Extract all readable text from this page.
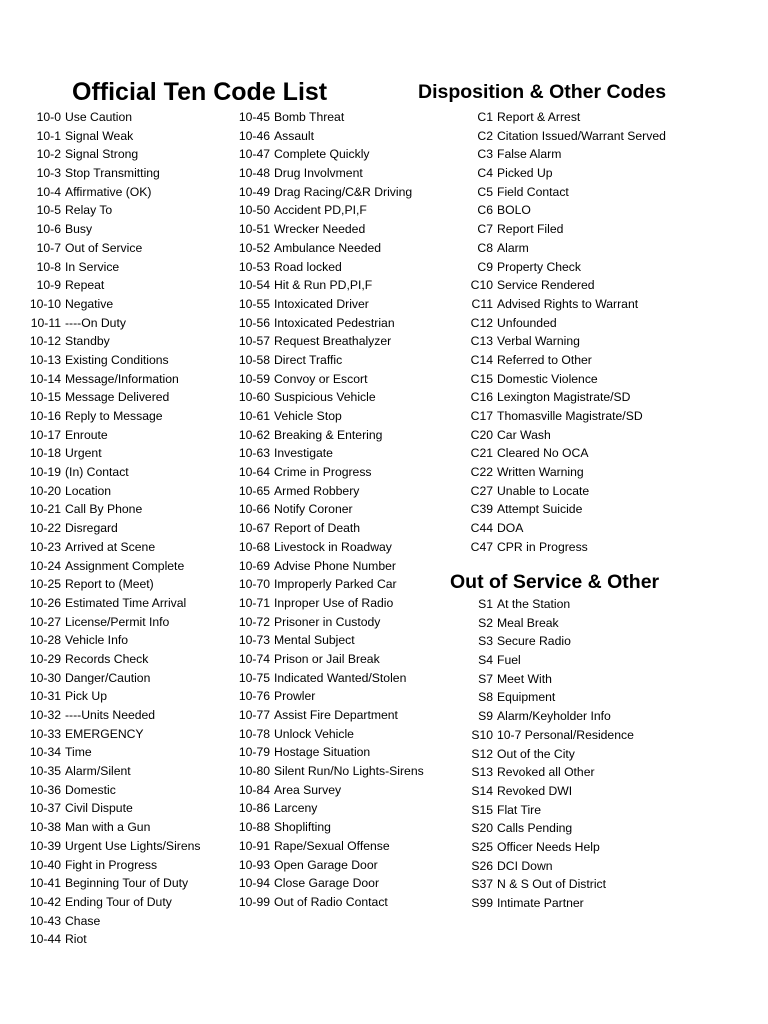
Official Ten Code List	Disposition & Other Codes
Out of Service & Other
10-0 Use Caution
10-1 Signal Weak
10-2 Signal Strong
10-3 Stop Transmitting
10-4 Affirmative (OK)
10-5 Relay To
10-6 Busy
10-7 Out of Service
10-8 In Service
10-9 Repeat
10-10 Negative
10-11 ----On Duty
10-12 Standby
10-13 Existing Conditions
10-14 Message/Information
10-15 Message Delivered
10-16 Reply to Message
10-17 Enroute
10-18 Urgent
10-19 (In) Contact
10-20 Location
10-21 Call By Phone
10-22 Disregard
10-23 Arrived at Scene
10-24 Assignment Complete
10-25 Report to (Meet)
10-26 Estimated Time Arrival
10-27 License/Permit Info
10-28 Vehicle Info
10-29 Records Check
10-30 Danger/Caution
10-31 Pick Up
10-32 ----Units Needed
10-33 EMERGENCY
10-34 Time
10-35 Alarm/Silent
10-36 Domestic
10-37 Civil Dispute
10-38 Man with a Gun
10-39 Urgent Use Lights/Sirens
10-40 Fight in Progress
10-41 Beginning Tour of Duty
10-42 Ending Tour of Duty
10-43 Chase
10-44 Riot
10-45 Bomb Threat
10-46 Assault
10-47 Complete Quickly
10-48 Drug Involvment
10-49 Drag Racing/C&R Driving
10-50 Accident PD,PI,F
10-51 Wrecker Needed
10-52 Ambulance Needed
10-53 Road locked
10-54 Hit & Run PD,PI,F
10-55 Intoxicated Driver
10-56 Intoxicated Pedestrian
10-57 Request Breathalyzer
10-58 Direct Traffic
10-59 Convoy or Escort
10-60 Suspicious Vehicle
10-61 Vehicle Stop
10-62 Breaking & Entering
10-63 Investigate
10-64 Crime in Progress
10-65 Armed Robbery
10-66 Notify Coroner
10-67 Report of Death
10-68 Livestock in Roadway
10-69 Advise Phone Number
10-70 Improperly Parked Car
10-71 Inproper Use of Radio
10-72 Prisoner in Custody
10-73 Mental Subject
10-74 Prison or Jail Break
10-75 Indicated Wanted/Stolen
10-76 Prowler
10-77 Assist Fire Department
10-78 Unlock Vehicle
10-79 Hostage Situation
10-80 Silent Run/No Lights-Sirens
10-84 Area Survey
10-86 Larceny
10-88 Shoplifting
10-91 Rape/Sexual Offense
10-93 Open Garage Door
10-94 Close Garage Door
10-99 Out of Radio Contact
C1 Report & Arrest
C2 Citation Issued/Warrant Served
C3 False Alarm
C4 Picked Up
C5 Field Contact
C6 BOLO
C7 Report Filed
C8 Alarm
C9 Property Check
C10 Service Rendered
C11 Advised Rights to Warrant
C12 Unfounded
C13 Verbal Warning
C14 Referred to Other
C15 Domestic Violence
C16 Lexington Magistrate/SD
C17 Thomasville Magistrate/SD
C20 Car Wash
C21 Cleared No OCA
C22 Written Warning
C27 Unable to Locate
C39 Attempt Suicide
C44 DOA
C47 CPR in Progress
S1 At the Station
S2 Meal Break
S3 Secure Radio
S4 Fuel
S7 Meet With
S8 Equipment
S9 Alarm/Keyholder Info
S10 10-7 Personal/Residence
S12 Out of the City
S13 Revoked all Other
S14 Revoked DWI
S15 Flat Tire
S20 Calls Pending
S25 Officer Needs Help
S26 DCI Down
S37 N & S Out of District
S99 Intimate Partner
